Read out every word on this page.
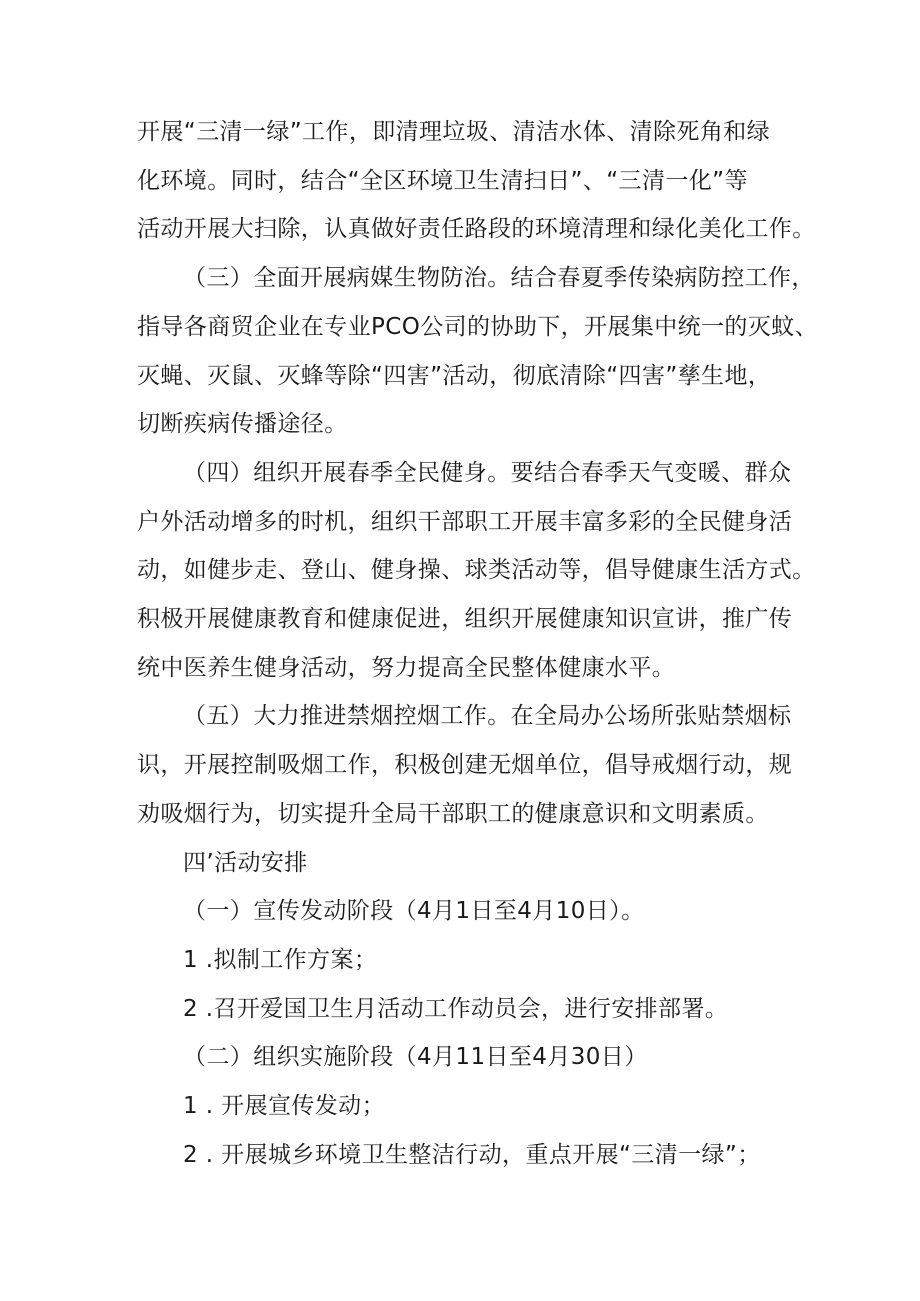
开展“三清一绿”工作，即清理垃圾、清洁水体、清除死角和绿
化环境。同时，结合“全区环境卫生清扫日”、“三清一化”等
活动开展大扫除，认真做好责任路段的环境清理和绿化美化工作。

（三）全面开展病媒生物防治。结合春夏季传染病防控工作，
指导各商贸企业在专业PCO公司的协助下，开展集中统一的灭蚊、
灭蝇、灭鼠、灭蜂等除“四害”活动，彻底清除“四害”孳生地，
切断疾病传播途径。

（四）组织开展春季全民健身。要结合春季天气变暖、群众
户外活动增多的时机，组织干部职工开展丰富多彩的全民健身活
动，如健步走、登山、健身操、球类活动等，倡导健康生活方式。
积极开展健康教育和健康促进，组织开展健康知识宣讲，推广传
统中医养生健身活动，努力提高全民整体健康水平。

（五）大力推进禁烟控烟工作。在全局办公场所张贴禁烟标
识，开展控制吸烟工作，积极创建无烟单位，倡导戒烟行动，规
劝吸烟行为，切实提升全局干部职工的健康意识和文明素质。

四’活动安排

（一）宣传发动阶段（4月1日至4月10日）。

1 .拟制工作方案；

2 .召开爱国卫生月活动工作动员会，进行安排部署。

（二）组织实施阶段（4月11日至4月30日）

1 . 开展宣传发动；

2 . 开展城乡环境卫生整洁行动，重点开展“三清一绿”；
